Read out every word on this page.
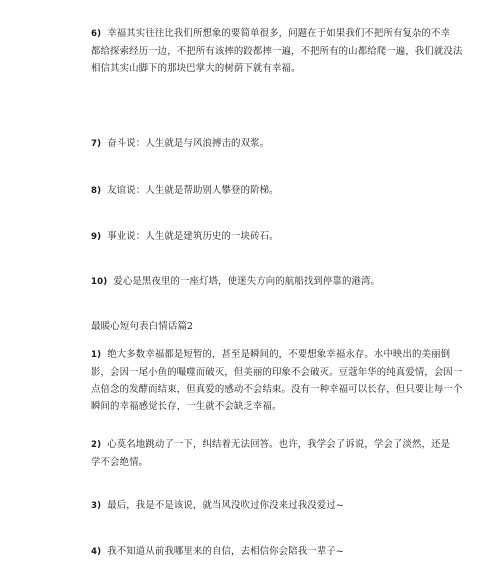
6) 幸福其实往往比我们所想象的要简单很多，问题在于如果我们不把所有复杂的不幸
都给探索经历一边，不把所有该摔的跤都摔一遍，不把所有的山都给爬一遍，我们就没法
相信其实山脚下的那块巴掌大的树荫下就有幸福。
7) 奋斗说：人生就是与风浪搏击的双浆。
8) 友谊说：人生就是帮助别人攀登的阶梯。
9) 事业说：人生就是建筑历史的一块砖石。
10) 爱心是黑夜里的一座灯塔，使迷失方向的航船找到停靠的港湾。
最暖心短句表白情话篇2
1) 绝大多数幸福都是短暂的，甚至是瞬间的，不要想象幸福永存。水中映出的美丽倒
影，会因一尾小鱼的嘬噬而破灭，但美丽的印象不会破灭。豆蔻年华的纯真爱情，会因一
点倍念的发酵而结束，但真爱的感动不会结束。没有一种幸福可以长存，但只要让每一个
瞬间的幸福感觉长存，一生就不会缺乏幸福。
2) 心莫名地跳动了一下，纠结着无法回答。也许，我学会了诉说，学会了淡然，还是
学不会绝情。
3) 最后，我是不是该说，就当风没吹过你没来过我没爱过~
4) 我不知道从前我哪里来的自信，去相信你会陪我一辈子~
